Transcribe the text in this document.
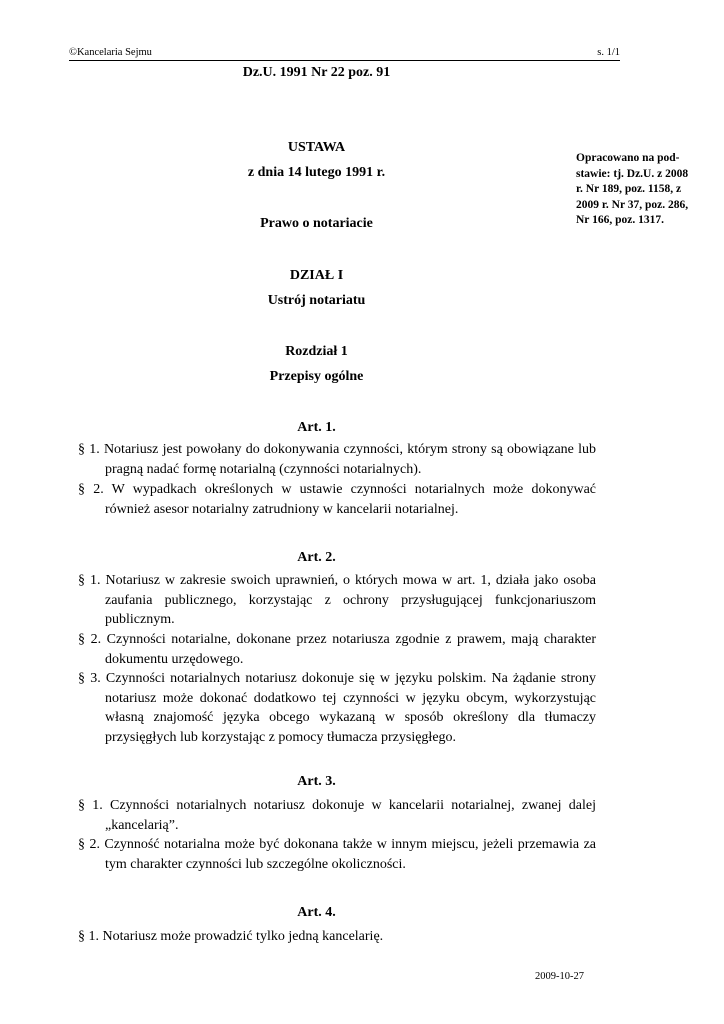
©Kancelaria Sejmu	s. 1/1
Dz.U. 1991 Nr 22 poz. 91
USTAWA
z dnia 14 lutego 1991 r.
Prawo o notariacie
Opracowano na pod-stawie: tj. Dz.U. z 2008 r. Nr 189, poz. 1158, z 2009 r. Nr 37, poz. 286, Nr 166, poz. 1317.
DZIAŁ I
Ustrój notariatu
Rozdział 1
Przepisy ogólne
Art. 1.
§ 1. Notariusz jest powołany do dokonywania czynności, którym strony są obowiązane lub pragną nadać formę notarialną (czynności notarialnych).
§ 2. W wypadkach określonych w ustawie czynności notarialnych może dokonywać również asesor notarialny zatrudniony w kancelarii notarialnej.
Art. 2.
§ 1. Notariusz w zakresie swoich uprawnień, o których mowa w art. 1, działa jako osoba zaufania publicznego, korzystając z ochrony przysługującej funkcjonariuszom publicznym.
§ 2. Czynności notarialne, dokonane przez notariusza zgodnie z prawem, mają charakter dokumentu urzędowego.
§ 3. Czynności notarialnych notariusz dokonuje się w języku polskim. Na żądanie strony notariusz może dokonać dodatkowo tej czynności w języku obcym, wykorzystując własną znajomość języka obcego wykazaną w sposób określony dla tłumaczy przysięgłych lub korzystając z pomocy tłumacza przysięgłego.
Art. 3.
§ 1. Czynności notarialnych notariusz dokonuje w kancelarii notarialnej, zwanej dalej „kancelarią”.
§ 2. Czynność notarialna może być dokonana także w innym miejscu, jeżeli przemawia za tym charakter czynności lub szczególne okoliczności.
Art. 4.
§ 1. Notariusz może prowadzić tylko jedną kancelarię.
2009-10-27
